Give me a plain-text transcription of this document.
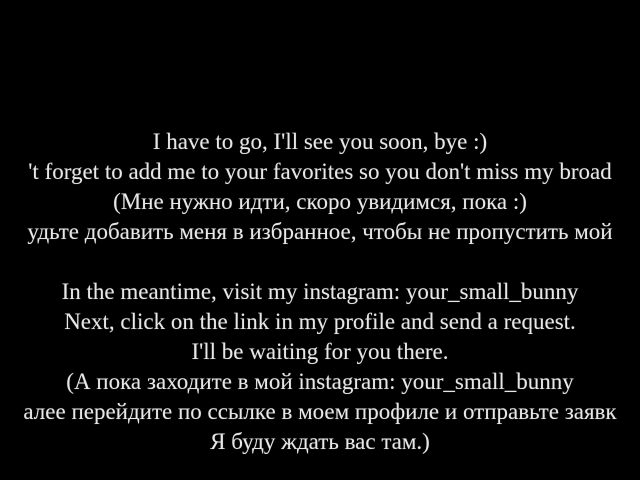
I have to go, I'll see you soon, bye :)
't forget to add me to your favorites so you don't miss my broad
(Мне нужно идти, скоро увидимся, пока :)
удьте добавить меня в избранное, чтобы не пропустить мой
In the meantime, visit my instagram: your_small_bunny
Next, click on the link in my profile and send a request.
I'll be waiting for you there.
(А пока заходите в мой instagram: your_small_bunny
алее перейдите по ссылке в моем профиле и отправьте заявк
Я буду ждать вас там.)
